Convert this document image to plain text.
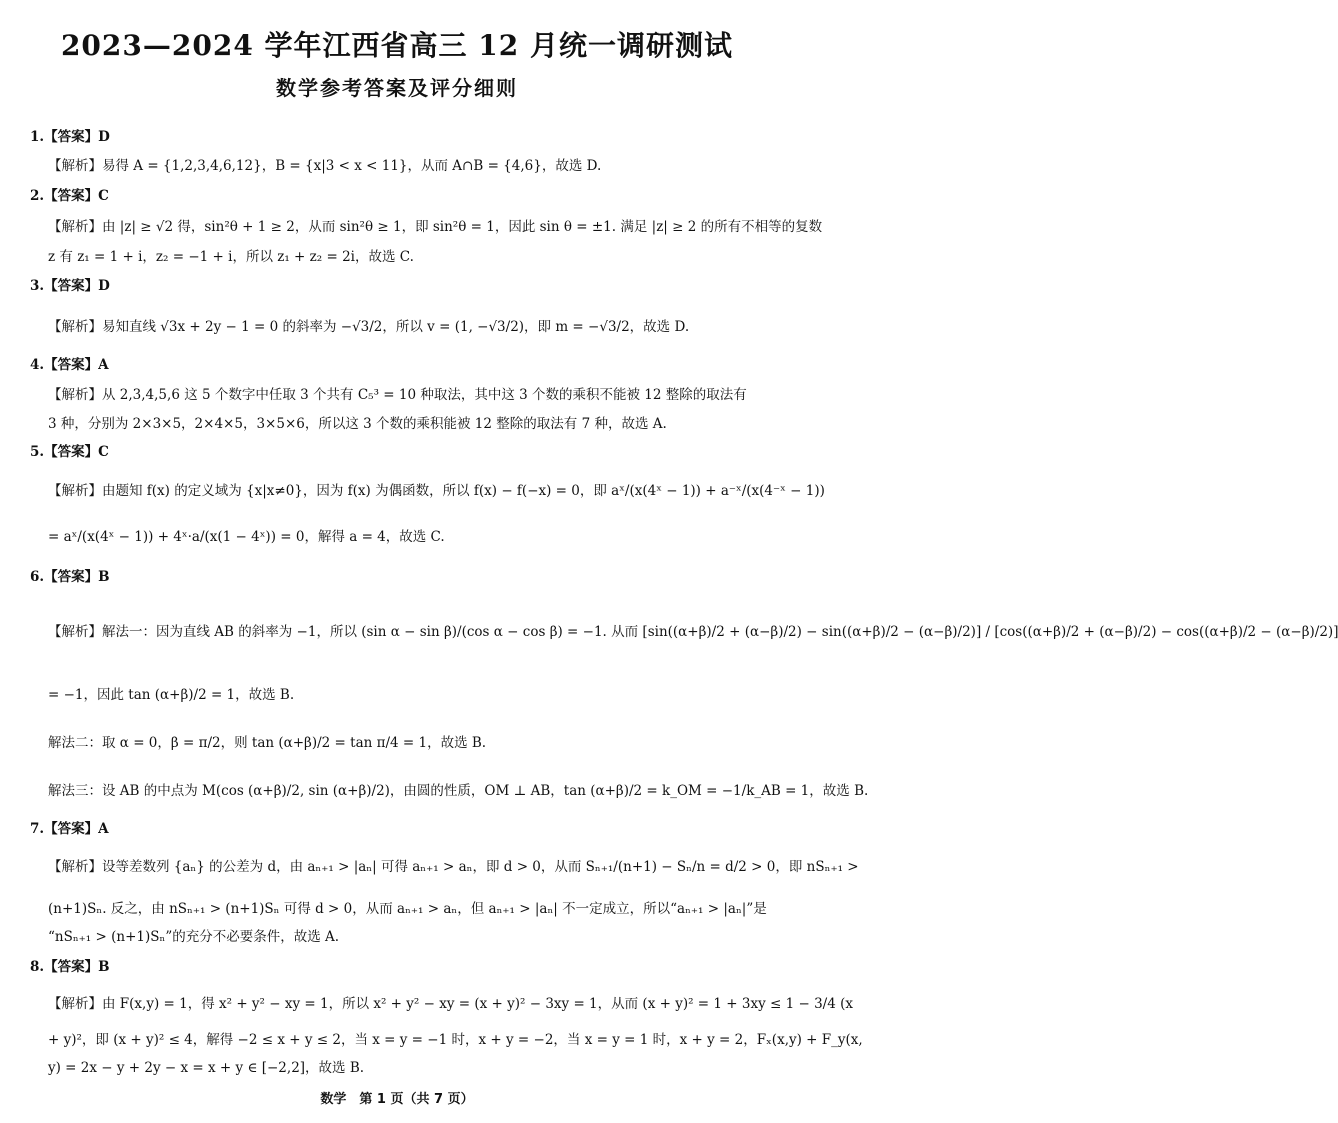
2023—2024 学年江西省高三 12 月统一调研测试
数学参考答案及评分细则
1.【答案】D
【解析】易得 A = {1,2,3,4,6,12}，B = {x|3 < x < 11}，从而 A∩B = {4,6}，故选 D.
2.【答案】C
【解析】由 |z| ≥ √2 得，sin²θ + 1 ≥ 2，从而 sin²θ ≥ 1，即 sin²θ = 1，因此 sin θ = ±1. 满足 |z| ≥ 2 的所有不相等的复数
z 有 z₁ = 1 + i，z₂ = −1 + i，所以 z₁ + z₂ = 2i，故选 C.
3.【答案】D
【解析】易知直线 √3x + 2y − 1 = 0 的斜率为 −√3/2，所以 v = (1, −√3/2)，即 m = −√3/2，故选 D.
4.【答案】A
【解析】从 2,3,4,5,6 这 5 个数字中任取 3 个共有 C₅³ = 10 种取法，其中这 3 个数的乘积不能被 12 整除的取法有
3 种，分别为 2×3×5，2×4×5，3×5×6，所以这 3 个数的乘积能被 12 整除的取法有 7 种，故选 A.
5.【答案】C
【解析】由题知 f(x) 的定义域为 {x|x≠0}，因为 f(x) 为偶函数，所以 f(x) − f(−x) = 0，即 aˣ/(x(4ˣ − 1)) + a⁻ˣ/(x(4⁻ˣ − 1))
= aˣ/(x(4ˣ − 1)) + 4ˣ·a/(x(1 − 4ˣ)) = 0，解得 a = 4，故选 C.
6.【答案】B
【解析】解法一：因为直线 AB 的斜率为 −1，所以 (sin α − sin β)/(cos α − cos β) = −1. 从而 [sin((α+β)/2 + (α−β)/2) − sin((α+β)/2 − (α−β)/2)] / [cos((α+β)/2 + (α−β)/2) − cos((α+β)/2 − (α−β)/2)]
= −1，因此 tan (α+β)/2 = 1，故选 B.
解法二：取 α = 0，β = π/2，则 tan (α+β)/2 = tan π/4 = 1，故选 B.
解法三：设 AB 的中点为 M(cos (α+β)/2, sin (α+β)/2)，由圆的性质，OM ⊥ AB，tan (α+β)/2 = k_OM = −1/k_AB = 1，故选 B.
7.【答案】A
【解析】设等差数列 {aₙ} 的公差为 d，由 aₙ₊₁ > |aₙ| 可得 aₙ₊₁ > aₙ，即 d > 0，从而 Sₙ₊₁/(n+1) − Sₙ/n = d/2 > 0，即 nSₙ₊₁ >
(n+1)Sₙ. 反之，由 nSₙ₊₁ > (n+1)Sₙ 可得 d > 0，从而 aₙ₊₁ > aₙ，但 aₙ₊₁ > |aₙ| 不一定成立，所以“aₙ₊₁ > |aₙ|”是
“nSₙ₊₁ > (n+1)Sₙ”的充分不必要条件，故选 A.
8.【答案】B
【解析】由 F(x,y) = 1，得 x² + y² − xy = 1，所以 x² + y² − xy = (x + y)² − 3xy = 1，从而 (x + y)² = 1 + 3xy ≤ 1 − 3/4 (x
+ y)²，即 (x + y)² ≤ 4，解得 −2 ≤ x + y ≤ 2，当 x = y = −1 时，x + y = −2，当 x = y = 1 时，x + y = 2，Fₓ(x,y) + F_y(x,
y) = 2x − y + 2y − x = x + y ∈ [−2,2]，故选 B.
数学　第 1 页（共 7 页）
